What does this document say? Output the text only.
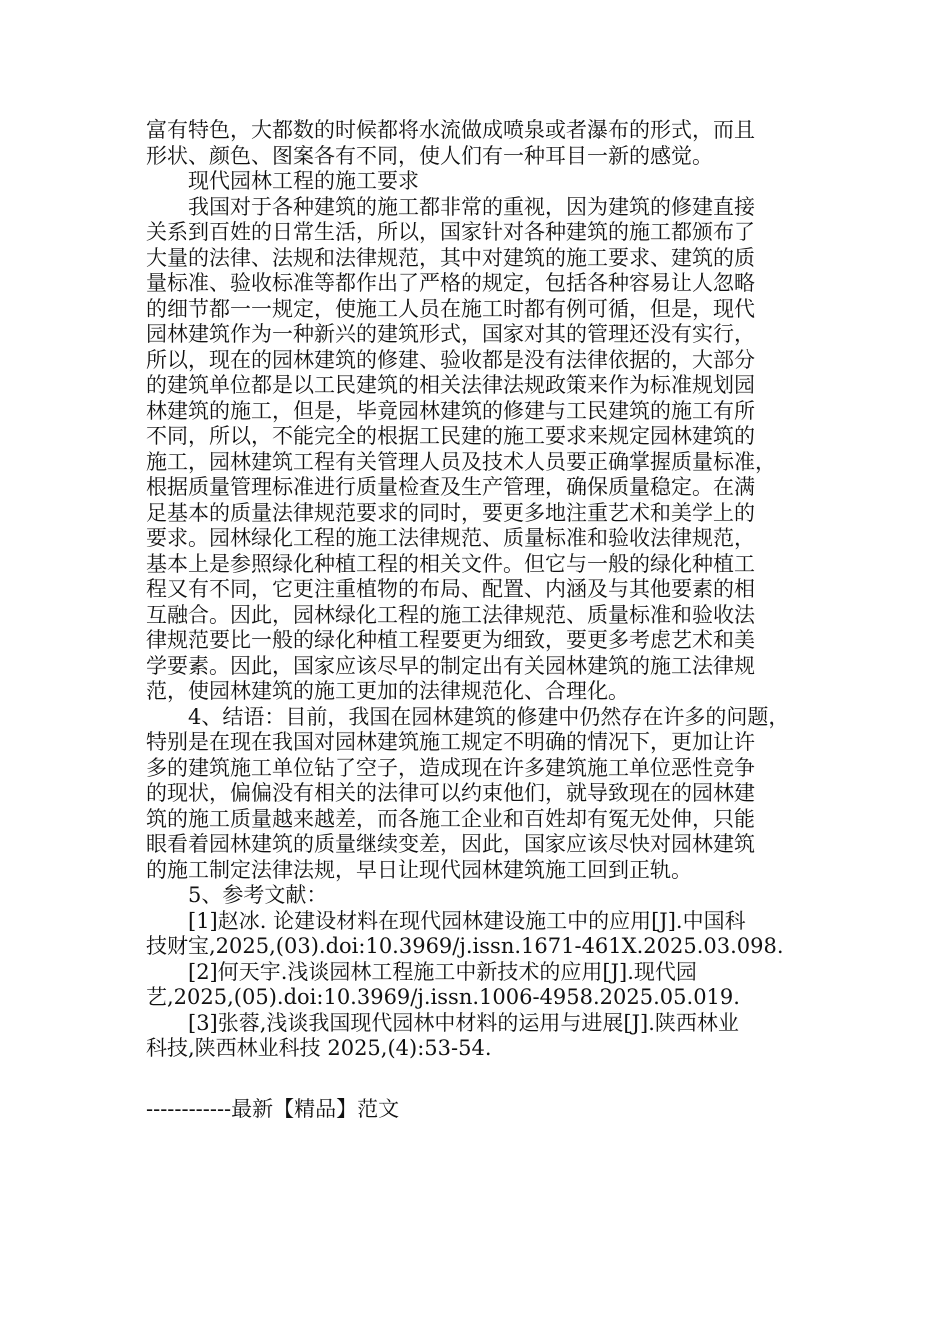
富有特色，大都数的时候都将水流做成喷泉或者瀑布的形式，而且
形状、颜色、图案各有不同，使人们有一种耳目一新的感觉。
现代园林工程的施工要求
我国对于各种建筑的施工都非常的重视，因为建筑的修建直接
关系到百姓的日常生活，所以，国家针对各种建筑的施工都颁布了
大量的法律、法规和法律规范，其中对建筑的施工要求、建筑的质
量标准、验收标准等都作出了严格的规定，包括各种容易让人忽略
的细节都一一规定，使施工人员在施工时都有例可循，但是，现代
园林建筑作为一种新兴的建筑形式，国家对其的管理还没有实行，
所以，现在的园林建筑的修建、验收都是没有法律依据的，大部分
的建筑单位都是以工民建筑的相关法律法规政策来作为标准规划园
林建筑的施工，但是，毕竟园林建筑的修建与工民建筑的施工有所
不同，所以，不能完全的根据工民建的施工要求来规定园林建筑的
施工，园林建筑工程有关管理人员及技术人员要正确掌握质量标准，
根据质量管理标准进行质量检查及生产管理，确保质量稳定。在满
足基本的质量法律规范要求的同时，要更多地注重艺术和美学上的
要求。园林绿化工程的施工法律规范、质量标准和验收法律规范，
基本上是参照绿化种植工程的相关文件。但它与一般的绿化种植工
程又有不同，它更注重植物的布局、配置、内涵及与其他要素的相
互融合。因此，园林绿化工程的施工法律规范、质量标准和验收法
律规范要比一般的绿化种植工程要更为细致，要更多考虑艺术和美
学要素。因此，国家应该尽早的制定出有关园林建筑的施工法律规
范，使园林建筑的施工更加的法律规范化、合理化。
4、结语：目前，我国在园林建筑的修建中仍然存在许多的问题，
特别是在现在我国对园林建筑施工规定不明确的情况下，更加让许
多的建筑施工单位钻了空子，造成现在许多建筑施工单位恶性竞争
的现状，偏偏没有相关的法律可以约束他们，就导致现在的园林建
筑的施工质量越来越差，而各施工企业和百姓却有冤无处伸，只能
眼看着园林建筑的质量继续变差，因此，国家应该尽快对园林建筑
的施工制定法律法规，早日让现代园林建筑施工回到正轨。
5、参考文献：
[1]赵冰. 论建设材料在现代园林建设施工中的应用[J].中国科
技财宝,2025,(03).doi:10.3969/j.issn.1671-461X.2025.03.098.
[2]何天宇.浅谈园林工程施工中新技术的应用[J].现代园
艺,2025,(05).doi:10.3969/j.issn.1006-4958.2025.05.019.
[3]张蓉,浅谈我国现代园林中材料的运用与进展[J].陕西林业
科技,陕西林业科技 2025,(4):53-54.
------------最新【精品】范文
